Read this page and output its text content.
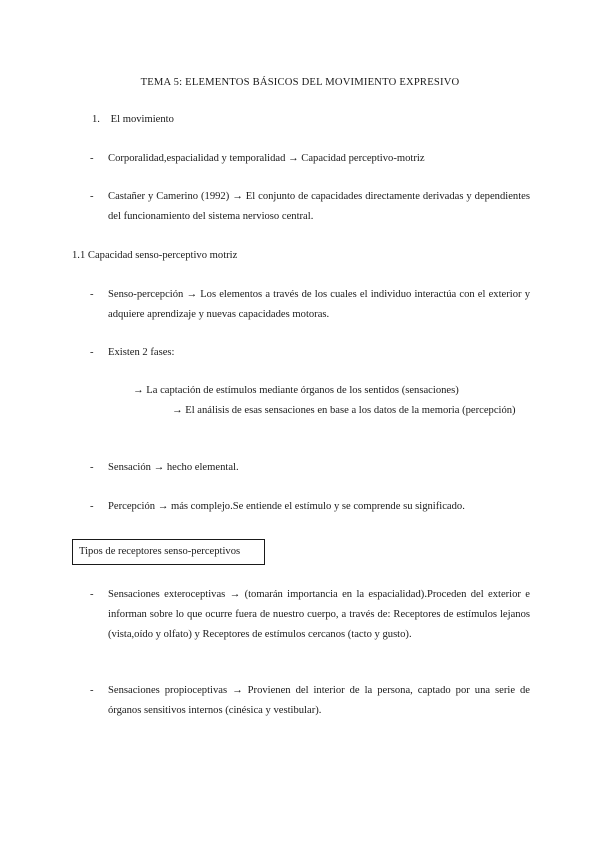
TEMA 5: ELEMENTOS BÁSICOS DEL MOVIMIENTO EXPRESIVO
1. El movimiento
- Corporalidad,espacialidad y temporalidad → Capacidad perceptivo-motriz
- Castañer y Camerino (1992) → El conjunto de capacidades directamente derivadas y dependientes del funcionamiento del sistema nervioso central.
1.1 Capacidad senso-perceptivo motriz
- Senso-percepción → Los elementos a través de los cuales el individuo interactúa con el exterior y adquiere aprendizaje y nuevas capacidades motoras.
- Existen 2 fases:
→ La captación de estímulos mediante órganos de los sentidos (sensaciones)
→ El análisis de esas sensaciones en base a los datos de la memoria (percepción)
- Sensación → hecho elemental.
- Percepción → más complejo.Se entiende el estímulo y se comprende su significado.
Tipos de receptores senso-perceptivos
- Sensaciones exteroceptivas → (tomarán importancia en la espacialidad).Proceden del exterior e informan sobre lo que ocurre fuera de nuestro cuerpo, a través de: Receptores de estímulos lejanos (vista,oído y olfato) y Receptores de estímulos cercanos (tacto y gusto).
- Sensaciones propioceptivas → Provienen del interior de la persona, captado por una serie de órganos sensitivos internos (cinésica y vestibular).
